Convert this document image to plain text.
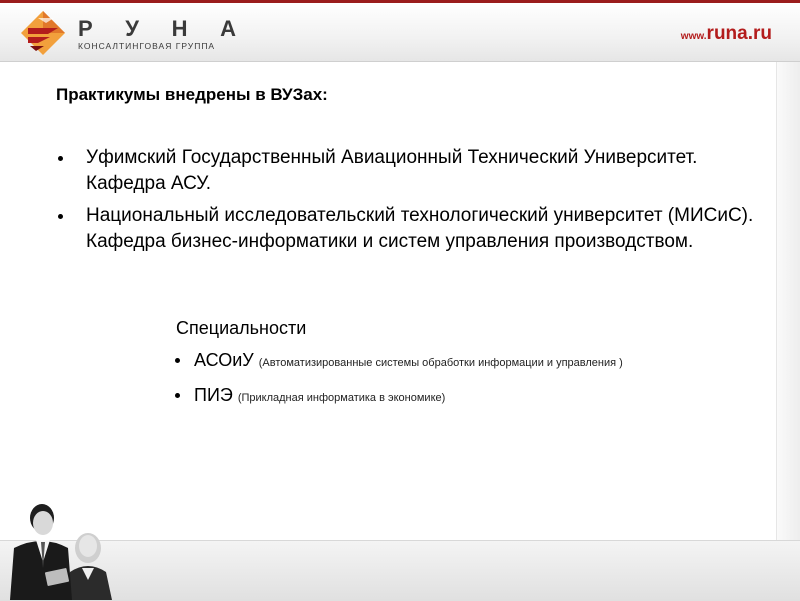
Р У Н А
КОНСАЛТИНГОВАЯ ГРУППА
www.runa.ru
Практикумы внедрены в ВУЗах:
Уфимский Государственный Авиационный Технический Университет. Кафедра АСУ.
Национальный исследовательский технологический университет (МИСиС). Кафедра бизнес-информатики и систем управления производством.
Специальности
АСОиУ (Автоматизированные системы обработки информации и управления )
ПИЭ (Прикладная информатика в экономике)
